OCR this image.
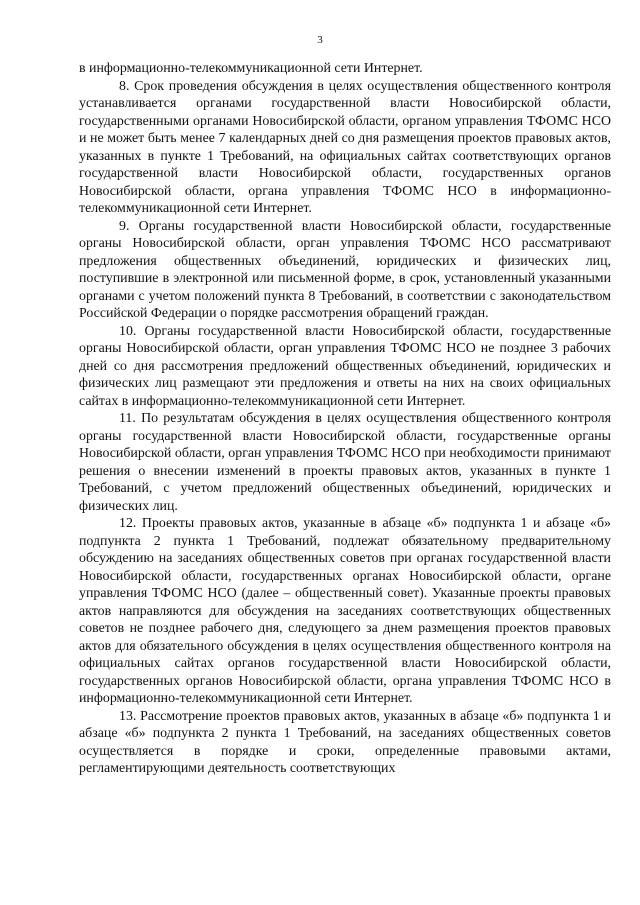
3

в информационно-телекоммуникационной сети Интернет.

8. Срок проведения обсуждения в целях осуществления общественного контроля устанавливается органами государственной власти Новосибирской области, государственными органами Новосибирской области, органом управления ТФОМС НСО и не может быть менее 7 календарных дней со дня размещения проектов правовых актов, указанных в пункте 1 Требований, на официальных сайтах соответствующих органов государственной власти Новосибирской области, государственных органов Новосибирской области, органа управления ТФОМС НСО в информационно-телекоммуникационной сети Интернет.

9. Органы государственной власти Новосибирской области, государственные органы Новосибирской области, орган управления ТФОМС НСО рассматривают предложения общественных объединений, юридических и физических лиц, поступившие в электронной или письменной форме, в срок, установленный указанными органами с учетом положений пункта 8 Требований, в соответствии с законодательством Российской Федерации о порядке рассмотрения обращений граждан.

10. Органы государственной власти Новосибирской области, государственные органы Новосибирской области, орган управления ТФОМС НСО не позднее 3 рабочих дней со дня рассмотрения предложений общественных объединений, юридических и физических лиц размещают эти предложения и ответы на них на своих официальных сайтах в информационно-телекоммуникационной сети Интернет.

11. По результатам обсуждения в целях осуществления общественного контроля органы государственной власти Новосибирской области, государственные органы Новосибирской области, орган управления ТФОМС НСО при необходимости принимают решения о внесении изменений в проекты правовых актов, указанных в пункте 1 Требований, с учетом предложений общественных объединений, юридических и физических лиц.

12. Проекты правовых актов, указанные в абзаце «б» подпункта 1 и абзаце «б» подпункта 2 пункта 1 Требований, подлежат обязательному предварительному обсуждению на заседаниях общественных советов при органах государственной власти Новосибирской области, государственных органах Новосибирской области, органе управления ТФОМС НСО (далее – общественный совет). Указанные проекты правовых актов направляются для обсуждения на заседаниях соответствующих общественных советов не позднее рабочего дня, следующего за днем размещения проектов правовых актов для обязательного обсуждения в целях осуществления общественного контроля на официальных сайтах органов государственной власти Новосибирской области, государственных органов Новосибирской области, органа управления ТФОМС НСО в информационно-телекоммуникационной сети Интернет.

13. Рассмотрение проектов правовых актов, указанных в абзаце «б» подпункта 1 и абзаце «б» подпункта 2 пункта 1 Требований, на заседаниях общественных советов осуществляется в порядке и сроки, определенные правовыми актами, регламентирующими деятельность соответствующих
